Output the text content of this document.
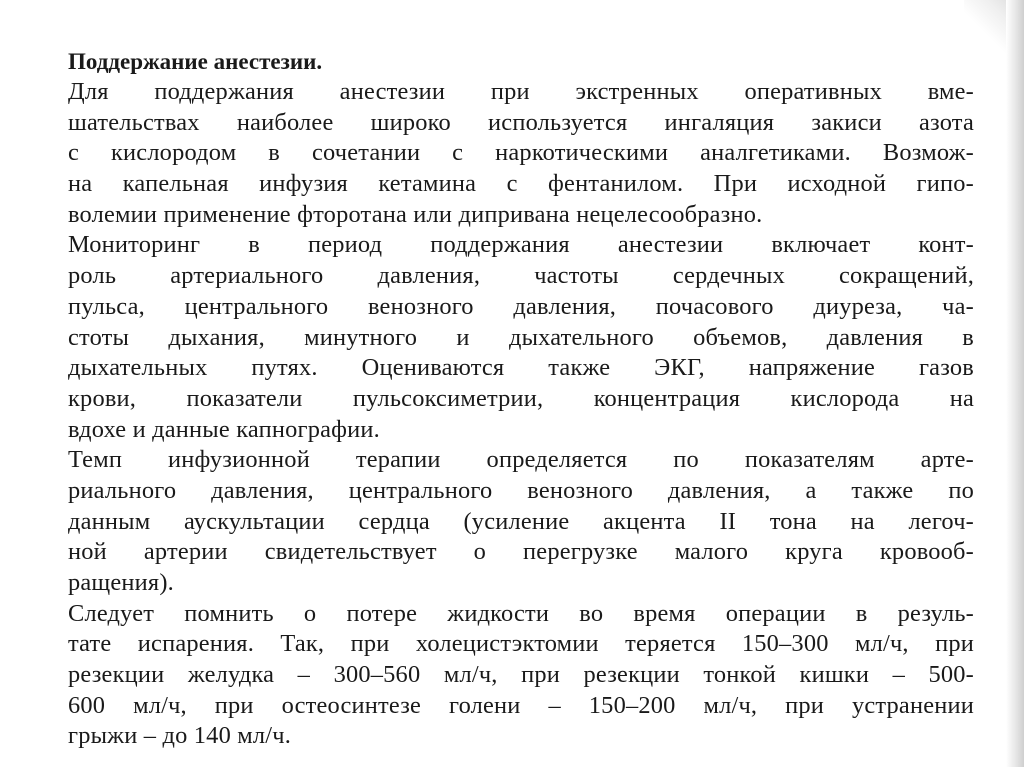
Поддержание анестезии.
Для поддержания анестезии при экстренных оперативных вме-
шательствах наиболее широко используется ингаляция закиси азота
с кислородом в сочетании с наркотическими аналгетиками. Возмож-
на капельная инфузия кетамина с фентанилом. При исходной гипо-
волемии применение фторотана или дипривана нецелесообразно.
Мониторинг в период поддержания анестезии включает конт-
роль артериального давления, частоты сердечных сокращений,
пульса, центрального венозного давления, почасового диуреза, ча-
стоты дыхания, минутного и дыхательного объемов, давления в
дыхательных путях. Оцениваются также ЭКГ, напряжение газов
крови, показатели пульсоксиметрии, концентрация кислорода на
вдохе и данные капнографии.
Темп инфузионной терапии определяется по показателям арте-
риального давления, центрального венозного давления, а также по
данным аускультации сердца (усиление акцента II тона на легоч-
ной артерии свидетельствует о перегрузке малого круга кровооб-
ращения).
Следует помнить о потере жидкости во время операции в резуль-
тате испарения. Так, при холецистэктомии теряется 150–300 мл/ч, при
резекции желудка – 300–560 мл/ч, при резекции тонкой кишки – 500-
600 мл/ч, при остеосинтезе голени – 150–200 мл/ч, при устранении
грыжи – до 140 мл/ч.
